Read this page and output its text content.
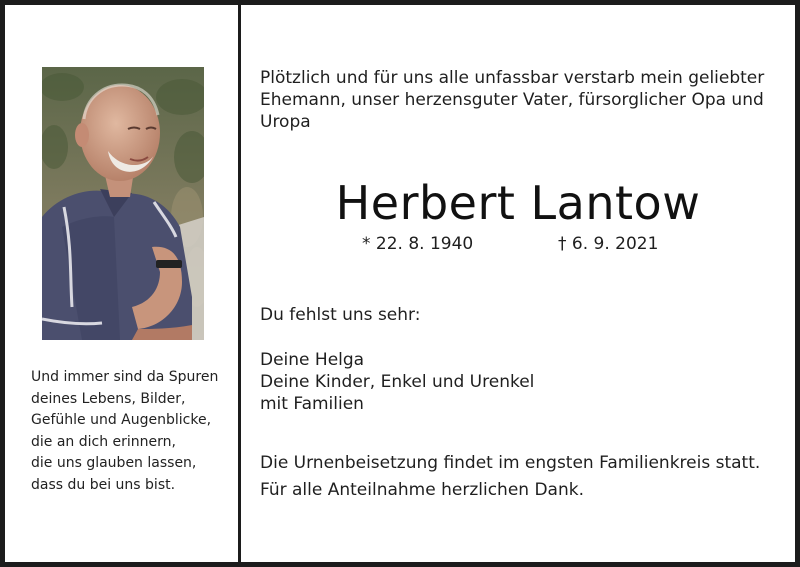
Und immer sind da Spuren
deines Lebens, Bilder,
Gefühle und Augenblicke,
die an dich erinnern,
die uns glauben lassen,
dass du bei uns bist.
Plötzlich und für uns alle unfassbar verstarb mein geliebter
Ehemann, unser herzensguter Vater, fürsorglicher Opa und
Uropa
Herbert Lantow
* 22. 8. 1940	† 6. 9. 2021
Du fehlst uns sehr:
Deine Helga
Deine Kinder, Enkel und Urenkel
mit Familien
Die Urnenbeisetzung findet im engsten Familienkreis statt.
Für alle Anteilnahme herzlichen Dank.
